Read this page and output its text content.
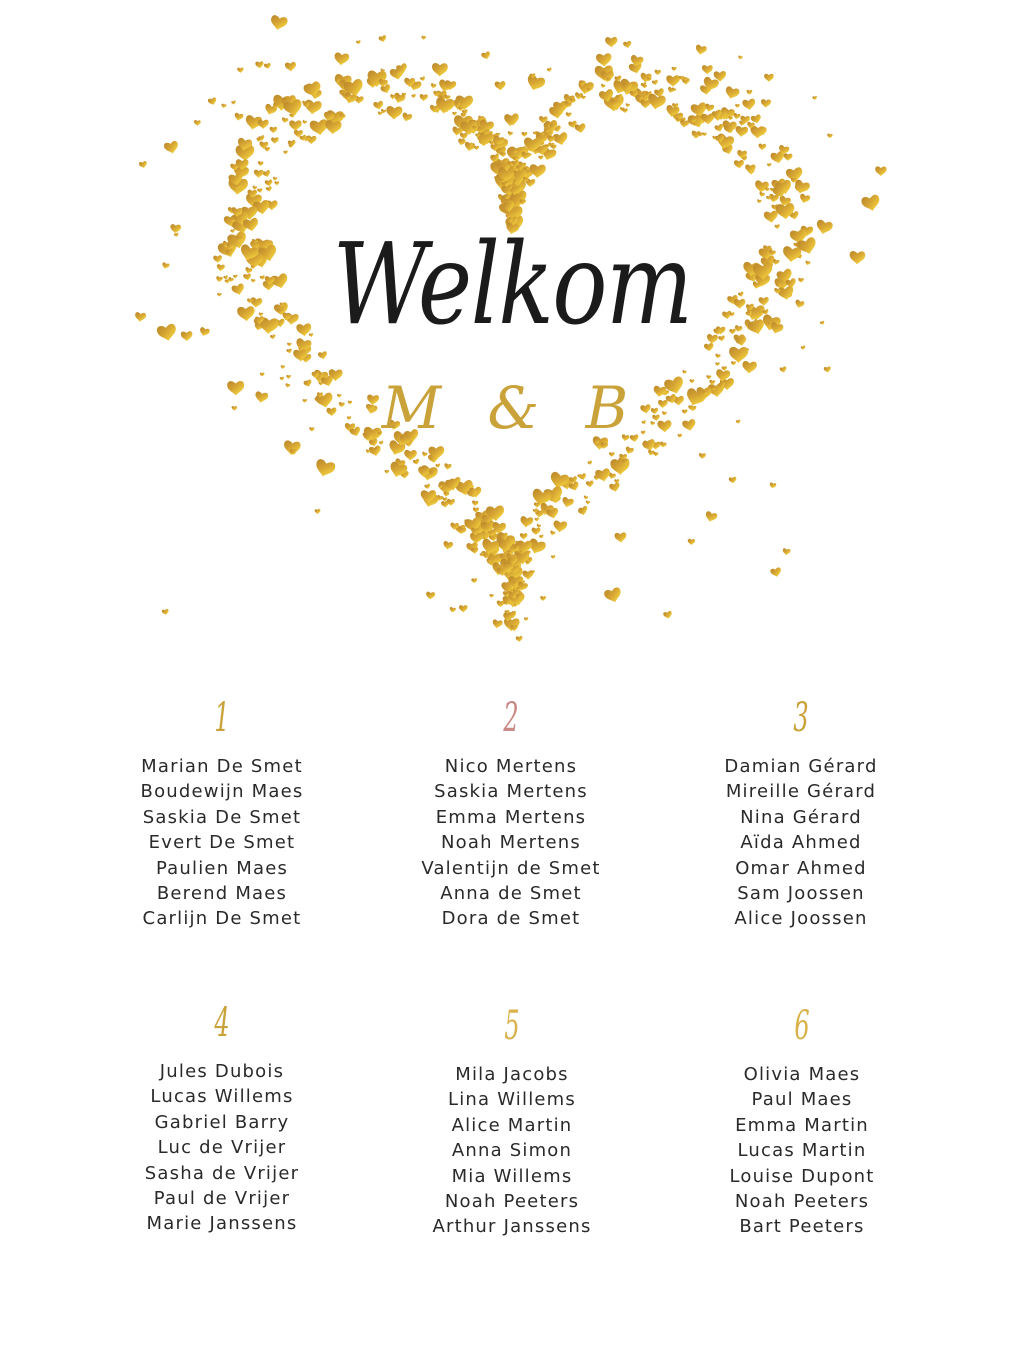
Welkom
M & B
1
Marian De Smet
Boudewijn Maes
Saskia De Smet
Evert De Smet
Paulien Maes
Berend Maes
Carlijn De Smet
2
Nico Mertens
Saskia Mertens
Emma Mertens
Noah Mertens
Valentijn de Smet
Anna de Smet
Dora de Smet
3
Damian Gérard
Mireille Gérard
Nina Gérard
Aïda Ahmed
Omar Ahmed
Sam Joossen
Alice Joossen
4
Jules Dubois
Lucas Willems
Gabriel Barry
Luc de Vrijer
Sasha de Vrijer
Paul de Vrijer
Marie Janssens
5
Mila Jacobs
Lina Willems
Alice Martin
Anna Simon
Mia Willems
Noah Peeters
Arthur Janssens
6
Olivia Maes
Paul Maes
Emma Martin
Lucas Martin
Louise Dupont
Noah Peeters
Bart Peeters
